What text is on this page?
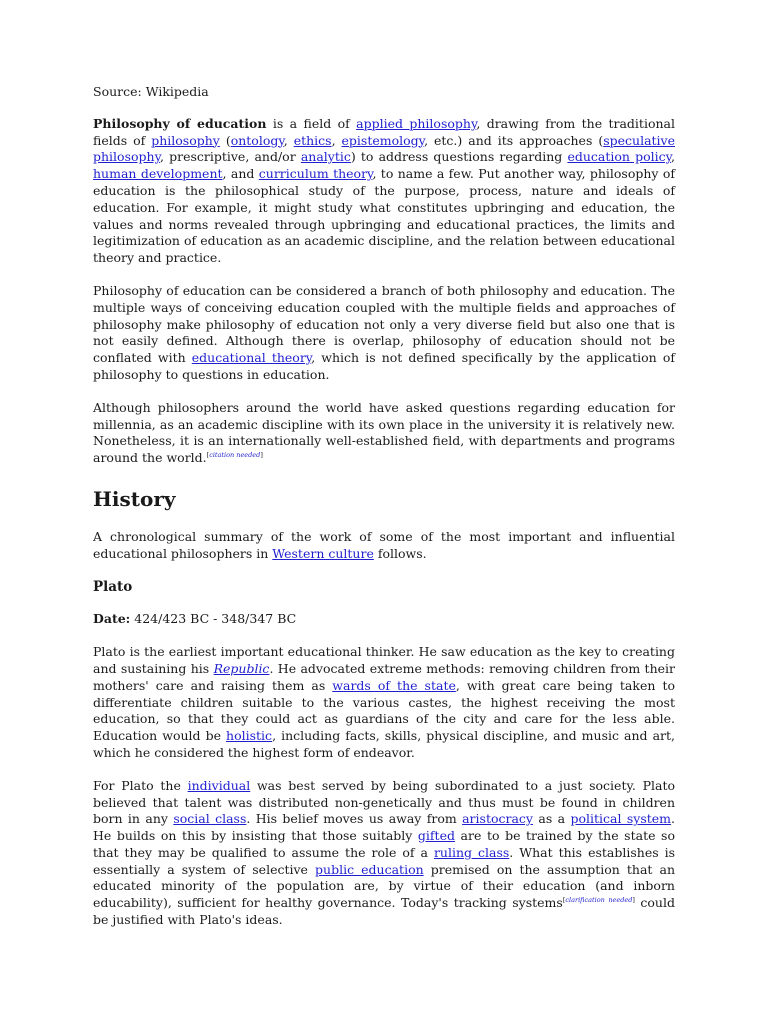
Source: Wikipedia

Philosophy of education is a field of applied philosophy, drawing from the traditional fields of philosophy (ontology, ethics, epistemology, etc.) and its approaches (speculative philosophy, prescriptive, and/or analytic) to address questions regarding education policy, human development, and curriculum theory, to name a few. Put another way, philosophy of education is the philosophical study of the purpose, process, nature and ideals of education. For example, it might study what constitutes upbringing and education, the values and norms revealed through upbringing and educational practices, the limits and legitimization of education as an academic discipline, and the relation between educational theory and practice.

Philosophy of education can be considered a branch of both philosophy and education. The multiple ways of conceiving education coupled with the multiple fields and approaches of philosophy make philosophy of education not only a very diverse field but also one that is not easily defined. Although there is overlap, philosophy of education should not be conflated with educational theory, which is not defined specifically by the application of philosophy to questions in education.

Although philosophers around the world have asked questions regarding education for millennia, as an academic discipline with its own place in the university it is relatively new. Nonetheless, it is an internationally well-established field, with departments and programs around the world.[citation needed]

History

A chronological summary of the work of some of the most important and influential educational philosophers in Western culture follows.

Plato

Date: 424/423 BC - 348/347 BC

Plato is the earliest important educational thinker. He saw education as the key to creating and sustaining his Republic. He advocated extreme methods: removing children from their mothers' care and raising them as wards of the state, with great care being taken to differentiate children suitable to the various castes, the highest receiving the most education, so that they could act as guardians of the city and care for the less able. Education would be holistic, including facts, skills, physical discipline, and music and art, which he considered the highest form of endeavor.

For Plato the individual was best served by being subordinated to a just society. Plato believed that talent was distributed non-genetically and thus must be found in children born in any social class. His belief moves us away from aristocracy as a political system. He builds on this by insisting that those suitably gifted are to be trained by the state so that they may be qualified to assume the role of a ruling class. What this establishes is essentially a system of selective public education premised on the assumption that an educated minority of the population are, by virtue of their education (and inborn educability), sufficient for healthy governance. Today's tracking systems[clarification needed] could be justified with Plato's ideas.
